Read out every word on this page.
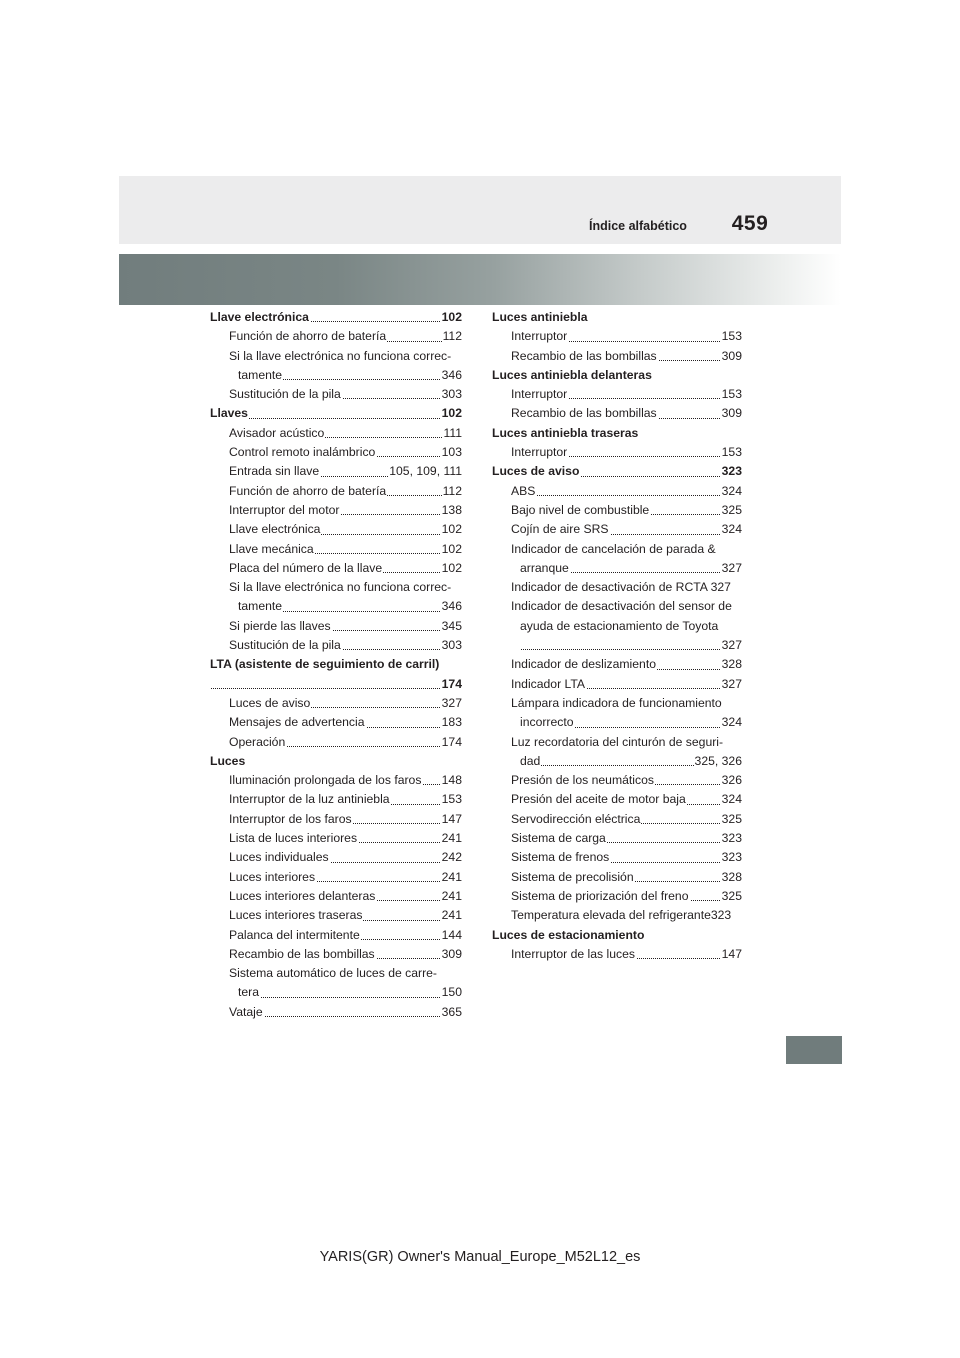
Índice alfabético	459
Llave electrónica	102
Función de ahorro de batería	112
Si la llave electrónica no funciona correc-
tamente	346
Sustitución de la pila	303
Llaves	102
Avisador acústico	111
Control remoto inalámbrico	103
Entrada sin llave	105, 109, 111
Función de ahorro de batería	112
Interruptor del motor	138
Llave electrónica	102
Llave mecánica	102
Placa del número de la llave	102
Si la llave electrónica no funciona correc-
tamente	346
Si pierde las llaves	345
Sustitución de la pila	303
LTA (asistente de seguimiento de carril)
174
Luces de aviso	327
Mensajes de advertencia	183
Operación	174
Luces
Iluminación prolongada de los faros 148
Interruptor de la luz antiniebla	153
Interruptor de los faros	147
Lista de luces interiores	241
Luces individuales	242
Luces interiores	241
Luces interiores delanteras	241
Luces interiores traseras	241
Palanca del intermitente	144
Recambio de las bombillas	309
Sistema automático de luces de carre-
tera	150
Vataje	365
Luces antiniebla
Interruptor	153
Recambio de las bombillas	309
Luces antiniebla delanteras
Interruptor	153
Recambio de las bombillas	309
Luces antiniebla traseras
Interruptor	153
Luces de aviso	323
ABS	324
Bajo nivel de combustible	325
Cojín de aire SRS	324
Indicador de cancelación de parada &
arranque	327
Indicador de desactivación de RCTA 327
Indicador de desactivación del sensor de
ayuda de estacionamiento de Toyota
327
Indicador de deslizamiento	328
Indicador LTA	327
Lámpara indicadora de funcionamiento
incorrecto	324
Luz recordatoria del cinturón de seguri-
dad	325, 326
Presión de los neumáticos	326
Presión del aceite de motor baja	324
Servodirección eléctrica	325
Sistema de carga	323
Sistema de frenos	323
Sistema de precolisión	328
Sistema de priorización del freno	325
Temperatura elevada del refrigerante323
Luces de estacionamiento
Interruptor de las luces	147
YARIS(GR) Owner's Manual_Europe_M52L12_es
